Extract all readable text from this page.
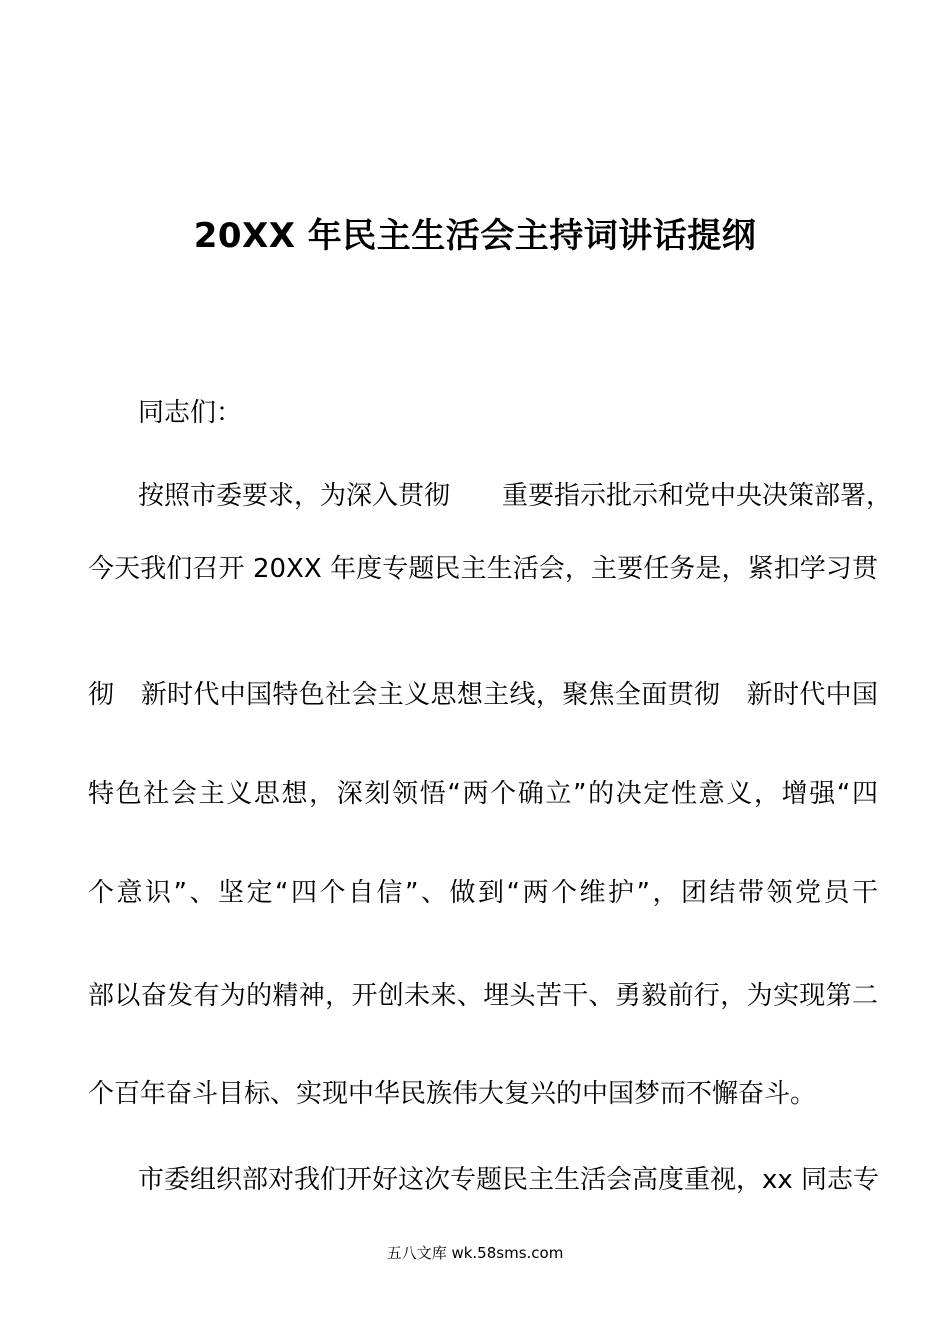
20XX 年民主生活会主持词讲话提纲

同志们：

按照市委要求，为深入贯彻　　重要指示批示和党中央决策部署，

今天我们召开 20XX 年度专题民主生活会，主要任务是，紧扣学习贯

彻　新时代中国特色社会主义思想主线，聚焦全面贯彻　新时代中国

特色社会主义思想，深刻领悟“两个确立”的决定性意义，增强“四

个意识”、坚定“四个自信”、做到“两个维护”，团结带领党员干

部以奋发有为的精神，开创未来、埋头苦干、勇毅前行，为实现第二

个百年奋斗目标、实现中华民族伟大复兴的中国梦而不懈奋斗。

市委组织部对我们开好这次专题民主生活会高度重视，xx 同志专

五八文库 wk.58sms.com
